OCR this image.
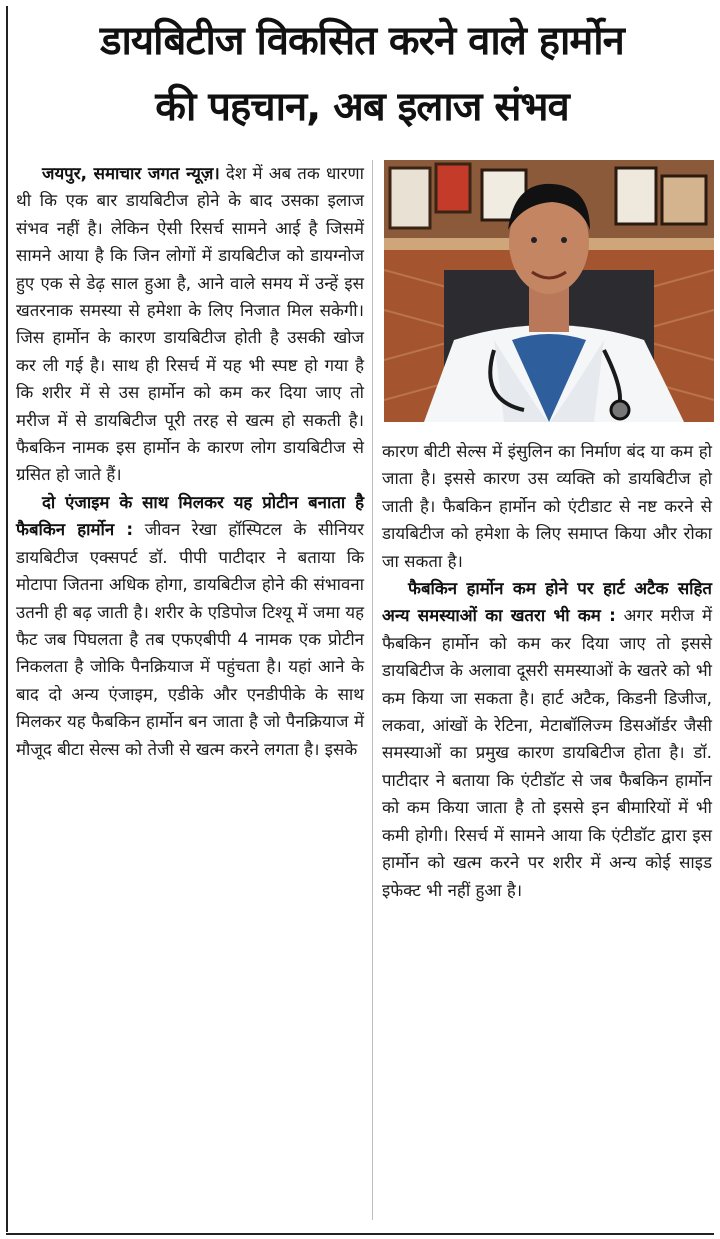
डायबिटीज विकसित करने वाले हार्मोन
की पहचान, अब इलाज संभव

जयपुर, समाचार जगत न्यूज़। देश में अब तक धारणा थी कि एक बार डायबिटीज होने के बाद उसका इलाज संभव नहीं है। लेकिन ऐसी रिसर्च सामने आई है जिसमें सामने आया है कि जिन लोगों में डायबिटीज को डायग्नोज हुए एक से डेढ़ साल हुआ है, आने वाले समय में उन्हें इस खतरनाक समस्या से हमेशा के लिए निजात मिल सकेगी। जिस हार्मोन के कारण डायबिटीज होती है उसकी खोज कर ली गई है। साथ ही रिसर्च में यह भी स्पष्ट हो गया है कि शरीर में से उस हार्मोन को कम कर दिया जाए तो मरीज में से डायबिटीज पूरी तरह से खत्म हो सकती है। फैबकिन नामक इस हार्मोन के कारण लोग डायबिटीज से ग्रसित हो जाते हैं।

दो एंजाइम के साथ मिलकर यह प्रोटीन बनाता है फैबकिन हार्मोन : जीवन रेखा हॉस्पिटल के सीनियर डायबिटीज एक्सपर्ट डॉ. पीपी पाटीदार ने बताया कि मोटापा जितना अधिक होगा, डायबिटीज होने की संभावना उतनी ही बढ़ जाती है। शरीर के एडिपोज टिश्यू में जमा यह फैट जब पिघलता है तब एफएबीपी 4 नामक एक प्रोटीन निकलता है जोकि पैनक्रियाज में पहुंचता है। यहां आने के बाद दो अन्य एंजाइम, एडीके और एनडीपीके के साथ मिलकर यह फैबकिन हार्मोन बन जाता है जो पैनक्रियाज में मौजूद बीटा सेल्स को तेजी से खत्म करने लगता है। इसके

कारण बीटी सेल्स में इंसुलिन का निर्माण बंद या कम हो जाता है। इससे कारण उस व्यक्ति को डायबिटीज हो जाती है। फैबकिन हार्मोन को एंटीडाट से नष्ट करने से डायबिटीज को हमेशा के लिए समाप्त किया और रोका जा सकता है।

फैबकिन हार्मोन कम होने पर हार्ट अटैक सहित अन्य समस्याओं का खतरा भी कम : अगर मरीज में फैबकिन हार्मोन को कम कर दिया जाए तो इससे डायबिटीज के अलावा दूसरी समस्याओं के खतरे को भी कम किया जा सकता है। हार्ट अटैक, किडनी डिजीज, लकवा, आंखों के रेटिना, मेटाबॉलिज्म डिसऑर्डर जैसी समस्याओं का प्रमुख कारण डायबिटीज होता है। डॉ. पाटीदार ने बताया कि एंटीडॉट से जब फैबकिन हार्मोन को कम किया जाता है तो इससे इन बीमारियों में भी कमी होगी। रिसर्च में सामने आया कि एंटीडॉट द्वारा इस हार्मोन को खत्म करने पर शरीर में अन्य कोई साइड इफेक्ट भी नहीं हुआ है।
